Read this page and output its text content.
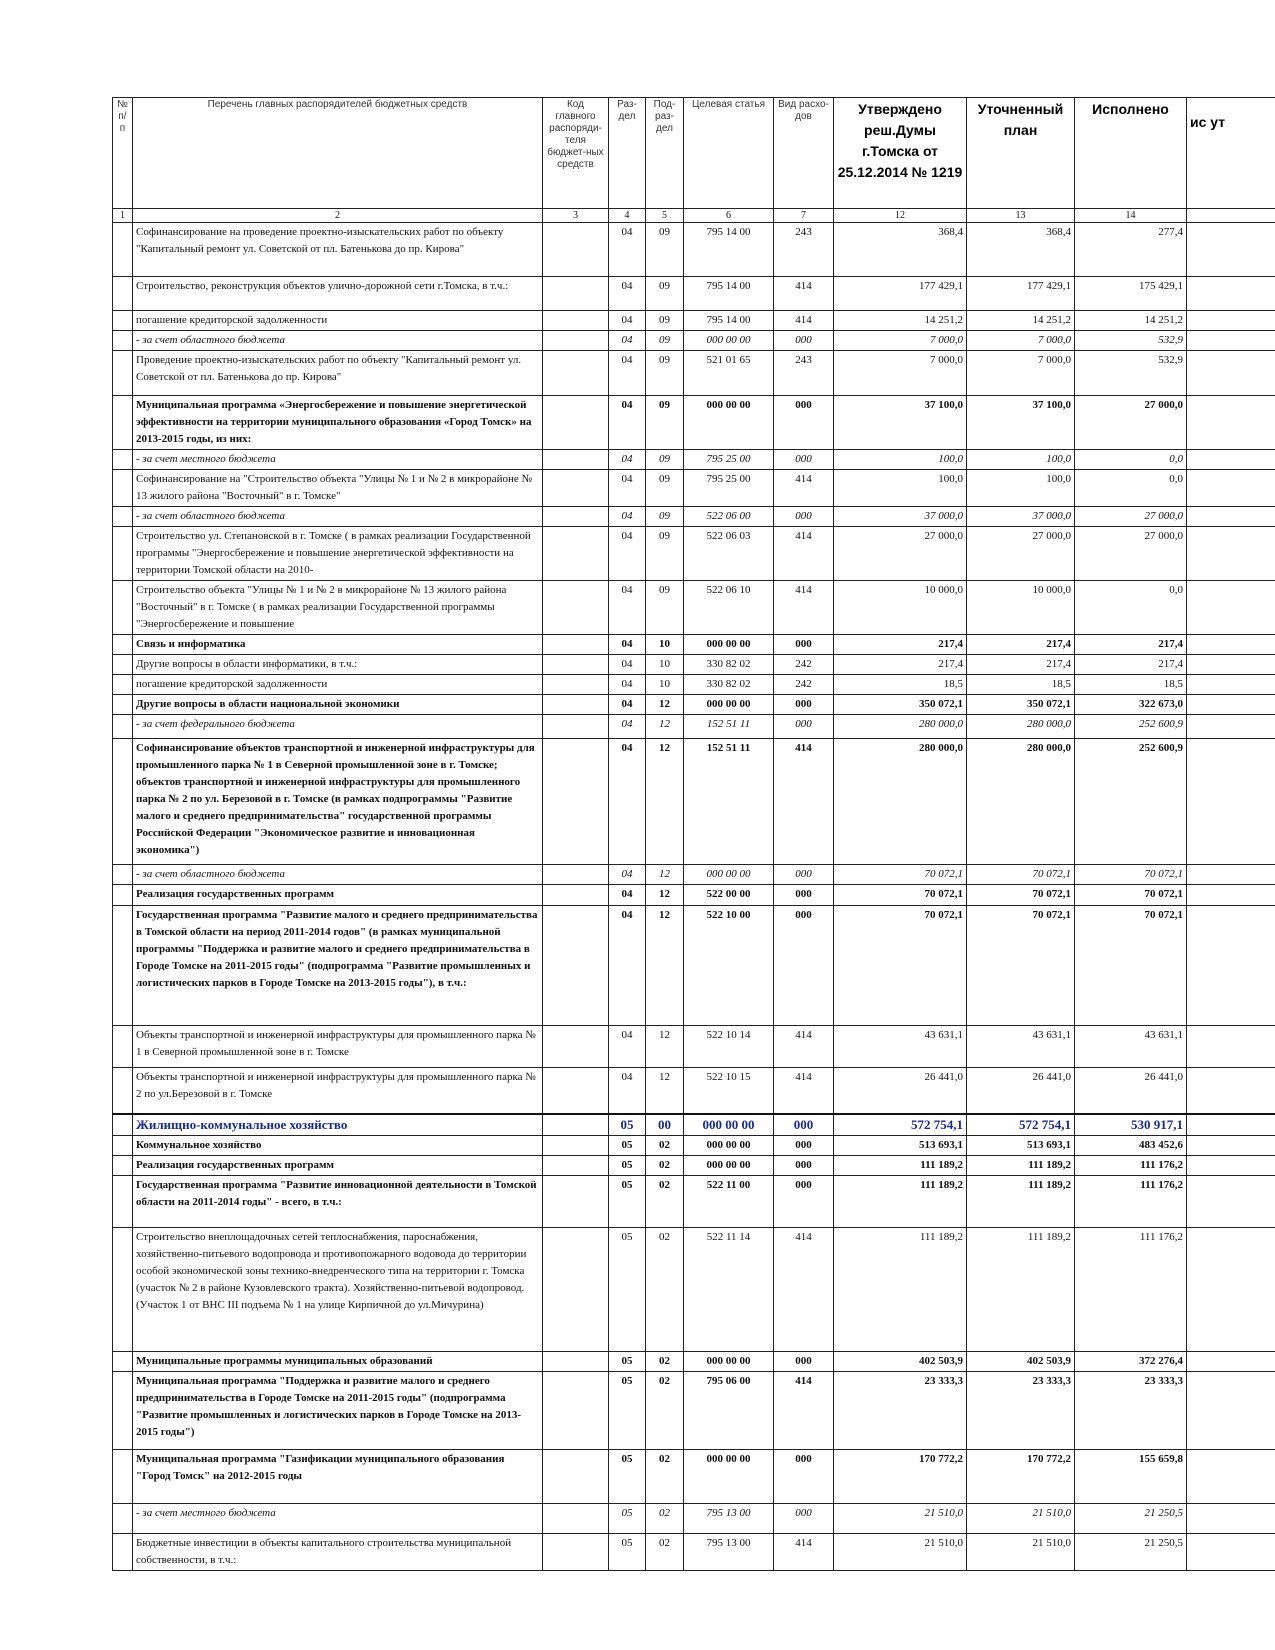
№ п/п	Перечень главных распорядителей бюджетных средств	Код главного распоряди-теля бюджет-ных средств	Раз-дел	Под-раз-дел	Целевая статья	Вид расхо-дов	Утверждено реш.Думы г.Томска от 25.12.2014 № 1219	Уточненный план	Исполнено	ис ут
1	2	3	4	5	6	7	12	13	14	
	Софинансирование на проведение проектно-изыскательских работ по объекту "Капитальный ремонт ул. Советской от пл. Батенькова до пр. Кирова"		04	09	795 14 00	243	368,4	368,4	277,4	
	Строительство, реконструкция объектов улично-дорожной сети г.Томска, в т.ч.:		04	09	795 14 00	414	177 429,1	177 429,1	175 429,1	
	погашение кредиторской задолженности		04	09	795 14 00	414	14 251,2	14 251,2	14 251,2	
	- за счет областного бюджета		04	09	000 00 00	000	7 000,0	7 000,0	532,9	
	Проведение проектно-изыскательских работ по объекту "Капитальный ремонт ул. Советской от пл. Батенькова до пр. Кирова"		04	09	521 01 65	243	7 000,0	7 000,0	532,9	
	Муниципальная программа «Энергосбережение и повышение энергетической эффективности на территории муниципального образования «Город Томск» на 2013-2015 годы, из них:		04	09	000 00 00	000	37 100,0	37 100,0	27 000,0	
	- за счет местного бюджета		04	09	795 25 00	000	100,0	100,0	0,0	
	Софинансирование на "Строительство объекта "Улицы № 1 и № 2 в микрорайоне № 13 жилого района "Восточный" в г. Томске"		04	09	795 25 00	414	100,0	100,0	0,0	
	- за счет областного бюджета		04	09	522 06 00	000	37 000,0	37 000,0	27 000,0	
	Строительство ул. Степановской в г. Томске ( в рамках реализации Государственной программы "Энергосбережение и повышение энергетической эффективности на территории Томской области на 2010-		04	09	522 06 03	414	27 000,0	27 000,0	27 000,0	
	Строительство объекта "Улицы № 1 и № 2 в микрорайоне № 13 жилого района "Восточный" в г. Томске ( в рамках реализации Государственной программы "Энергосбережение и повышение		04	09	522 06 10	414	10 000,0	10 000,0	0,0	
	Связь и информатика		04	10	000 00 00	000	217,4	217,4	217,4	
	Другие вопросы в области информатики, в т.ч.:		04	10	330 82 02	242	217,4	217,4	217,4	
	погашение кредиторской задолженности		04	10	330 82 02	242	18,5	18,5	18,5	
	Другие вопросы в области национальной экономики		04	12	000 00 00	000	350 072,1	350 072,1	322 673,0	
	- за счет федерального бюджета		04	12	152 51 11	000	280 000,0	280 000,0	252 600,9	
	Софинансирование объектов транспортной и инженерной инфраструктуры для промышленного парка № 1 в Северной промышленной зоне в г. Томске; объектов транспортной и инженерной инфраструктуры для промышленного парка № 2 по ул. Березовой в г. Томске (в рамках подпрограммы "Развитие малого и среднего предпринимательства" государственной программы Российской Федерации "Экономическое развитие и инновационная экономика")		04	12	152 51 11	414	280 000,0	280 000,0	252 600,9	
	- за счет областного бюджета		04	12	000 00 00	000	70 072,1	70 072,1	70 072,1	
	Реализация государственных программ		04	12	522 00 00	000	70 072,1	70 072,1	70 072,1	
	Государственная программа "Развитие малого и среднего предпринимательства в Томской области на период 2011-2014 годов" (в рамках муниципальной программы "Поддержка и развитие малого и среднего предпринимательства в Городе Томске на 2011-2015 годы" (подпрограмма "Развитие промышленных и логистических парков в Городе Томске на 2013-2015 годы"), в т.ч.:		04	12	522 10 00	000	70 072,1	70 072,1	70 072,1	
	Объекты транспортной и инженерной инфраструктуры для промышленного парка № 1 в Северной промышленной зоне в г. Томске		04	12	522 10 14	414	43 631,1	43 631,1	43 631,1	
	Объекты транспортной и инженерной инфраструктуры для промышленного парка № 2 по ул.Березовой в г. Томске		04	12	522 10 15	414	26 441,0	26 441,0	26 441,0	
	Жилищно-коммунальное хозяйство		05	00	000 00 00	000	572 754,1	572 754,1	530 917,1	
	Коммунальное хозяйство		05	02	000 00 00	000	513 693,1	513 693,1	483 452,6	
	Реализация государственных программ		05	02	000 00 00	000	111 189,2	111 189,2	111 176,2	
	Государственная программа "Развитие инновационной деятельности в Томской области на 2011-2014 годы" - всего, в т.ч.:		05	02	522 11 00	000	111 189,2	111 189,2	111 176,2	
	Строительство внеплощадочных сетей теплоснабжения, пароснабжения, хозяйственно-питьевого водопровода и противопожарного водовода до территории особой экономической зоны технико-внедренческого типа на территории г. Томска (участок № 2 в районе Кузовлевского тракта). Хозяйственно-питьевой водопровод. (Участок 1 от ВНС III подъема № 1 на улице Кирпичной до ул.Мичурина)		05	02	522 11 14	414	111 189,2	111 189,2	111 176,2	
	Муниципальные программы муниципальных образований		05	02	000 00 00	000	402 503,9	402 503,9	372 276,4	
	Муниципальная программа "Поддержка и развитие малого и среднего предпринимательства в Городе Томске на 2011-2015 годы" (подпрограмма "Развитие промышленных и логистических парков в Городе Томске на 2013-2015 годы")		05	02	795 06 00	414	23 333,3	23 333,3	23 333,3	
	Муниципальная программа "Газификации муниципального образования "Город Томск" на 2012-2015 годы		05	02	000 00 00	000	170 772,2	170 772,2	155 659,8	
	- за счет местного бюджета		05	02	795 13 00	000	21 510,0	21 510,0	21 250,5	
	Бюджетные инвестиции в объекты капитального строительства муниципальной собственности, в т.ч.:		05	02	795 13 00	414	21 510,0	21 510,0	21 250,5	
